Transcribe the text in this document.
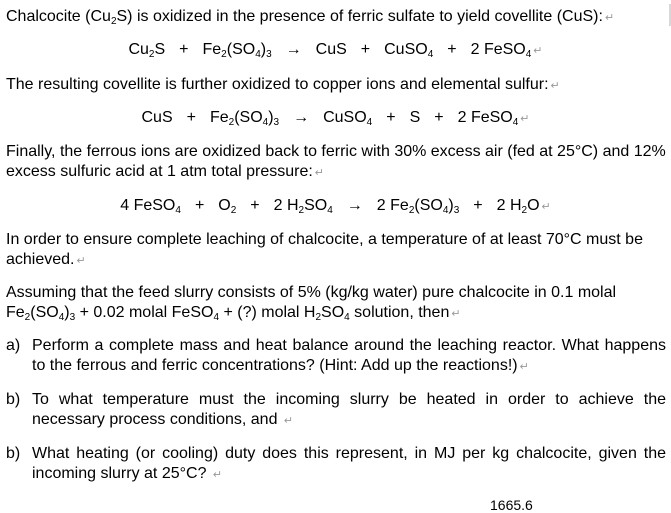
Chalcocite $(Cu_2S)$ is oxidized in the presence of ferric sulfate to yield covellite (CuS): ↵
$Cu_2S + Fe_2(SO_4)_3$ → CuS + CuSO$_4$ + 2 FeSO$_4$ ↵
The resulting covellite is further oxidized to copper ions and elemental sulfur: ↵
CuS + $Fe_2(SO_4)_3$ → CuSO$_4$ + S + 2 FeSO$_4$ ↵
Finally, the ferrous ions are oxidized back to ferric with 30% excess air (fed at 25°C) and 12% excess sulfuric acid at 1 atm total pressure: ↵
4 FeSO$_4$ + $O_2 + 2$ $H_2SO_4 \to 2$ $Fe_2(SO_4)_3 + 2$ $H_2O$ ↵
In order to ensure complete leaching of chalcocite, a temperature of at least 70°C must be achieved. ↵
Assuming that the feed slurry consists of 5% (kg/kg water) pure chalcocite in 0.1 molal $Fe_2(SO_4)_3 + 0.02$ molal FeSO$_4$ + (?) molal $H_2SO_4$ solution, then ↵
a) Perform a complete mass and heat balance around the leaching reactor. What happens to the ferrous and ferric concentrations? (Hint: Add up the reactions!) ↵
b) To what temperature must the incoming slurry be heated in order to achieve the necessary process conditions, and ↵
b) What heating (or cooling) duty does this represent, in MJ per kg chalcocite, given the incoming slurry at 25°C? ↵
1665.6
